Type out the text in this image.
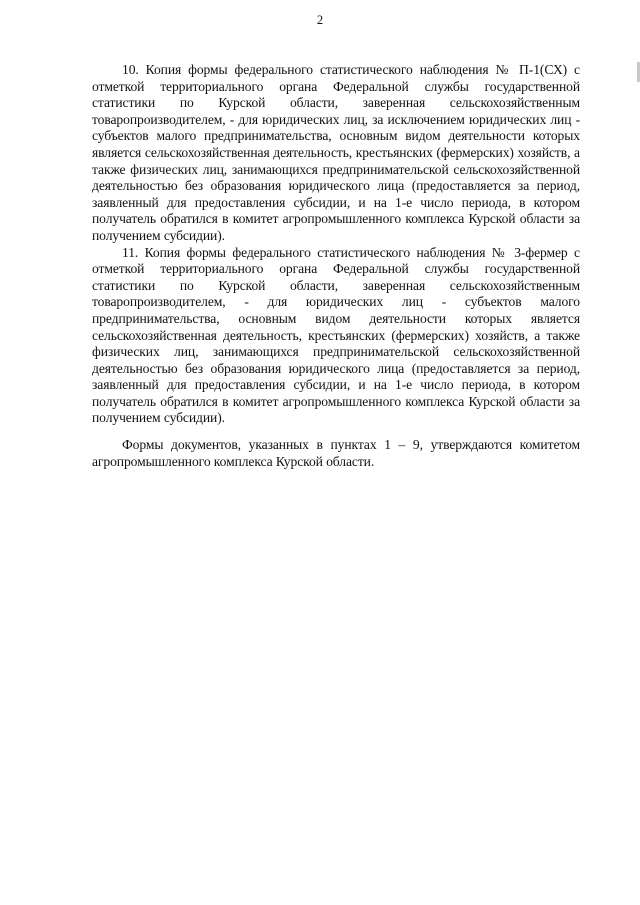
2

10. Копия формы федерального статистического наблюдения № П-1(СХ) с отметкой территориального органа Федеральной службы государственной статистики по Курской области, заверенная сельскохозяйственным товаропроизводителем, - для юридических лиц, за исключением юридических лиц - субъектов малого предпринимательства, основным видом деятельности которых является сельскохозяйственная деятельность, крестьянских (фермерских) хозяйств, а также физических лиц, занимающихся предпринимательской сельскохозяйственной деятельностью без образования юридического лица (предоставляется за период, заявленный для предоставления субсидии, и на 1-е число периода, в котором получатель обратился в комитет агропромышленного комплекса Курской области за получением субсидии).

11. Копия формы федерального статистического наблюдения № 3-фермер с отметкой территориального органа Федеральной службы государственной статистики по Курской области, заверенная сельскохозяйственным товаропроизводителем, - для юридических лиц - субъектов малого предпринимательства, основным видом деятельности которых является сельскохозяйственная деятельность, крестьянских (фермерских) хозяйств, а также физических лиц, занимающихся предпринимательской сельскохозяйственной деятельностью без образования юридического лица (предоставляется за период, заявленный для предоставления субсидии, и на 1-е число периода, в котором получатель обратился в комитет агропромышленного комплекса Курской области за получением субсидии).

Формы документов, указанных в пунктах 1 – 9, утверждаются комитетом агропромышленного комплекса Курской области.
